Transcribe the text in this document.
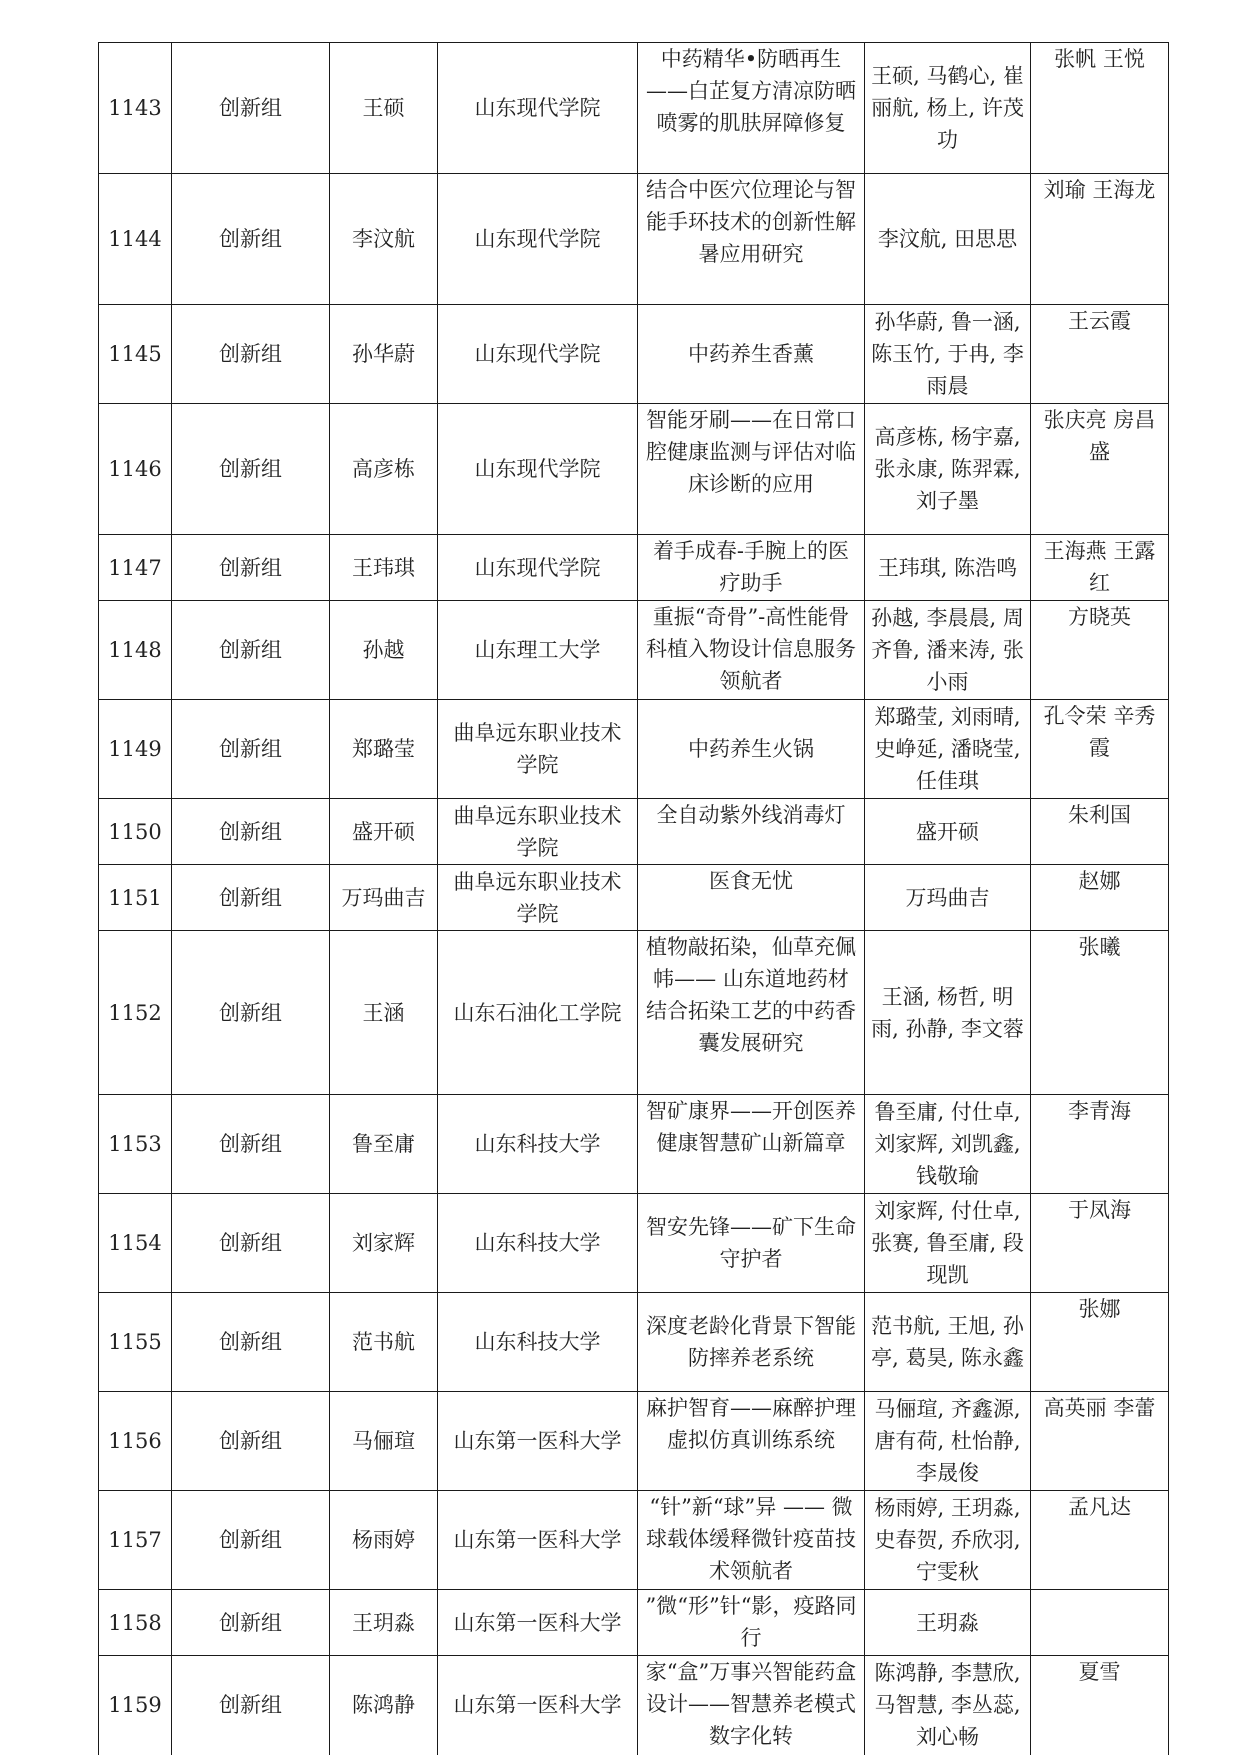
1143	创新组	王硕	山东现代学院	中药精华•防晒再生——白芷复方清凉防晒喷雾的肌肤屏障修复	王硕, 马鹤心, 崔丽航, 杨上, 许茂功	张帆 王悦
1144	创新组	李汶航	山东现代学院	结合中医穴位理论与智能手环技术的创新性解暑应用研究	李汶航, 田思思	刘瑜 王海龙
1145	创新组	孙华蔚	山东现代学院	中药养生香薰	孙华蔚, 鲁一涵, 陈玉竹, 于冉, 李雨晨	王云霞
1146	创新组	高彦栋	山东现代学院	智能牙刷——在日常口腔健康监测与评估对临床诊断的应用	高彦栋, 杨宇嘉, 张永康, 陈羿霖, 刘子墨	张庆亮 房昌盛
1147	创新组	王玮琪	山东现代学院	着手成春-手腕上的医疗助手	王玮琪, 陈浩鸣	王海燕 王露红
1148	创新组	孙越	山东理工大学	重振“奇骨”-高性能骨科植入物设计信息服务领航者	孙越, 李晨晨, 周齐鲁, 潘来涛, 张小雨	方晓英
1149	创新组	郑璐莹	曲阜远东职业技术学院	中药养生火锅	郑璐莹, 刘雨晴, 史峥延, 潘晓莹, 任佳琪	孔令荣 辛秀霞
1150	创新组	盛开硕	曲阜远东职业技术学院	全自动紫外线消毒灯	盛开硕	朱利国
1151	创新组	万玛曲吉	曲阜远东职业技术学院	医食无忧	万玛曲吉	赵娜
1152	创新组	王涵	山东石油化工学院	植物敲拓染，仙草充佩帏—— 山东道地药材结合拓染工艺的中药香囊发展研究	王涵, 杨哲, 明雨, 孙静, 李文蓉	张曦
1153	创新组	鲁至庸	山东科技大学	智矿康界——开创医养健康智慧矿山新篇章	鲁至庸, 付仕卓, 刘家辉, 刘凯鑫, 钱敬瑜	李青海
1154	创新组	刘家辉	山东科技大学	智安先锋——矿下生命守护者	刘家辉, 付仕卓, 张赛, 鲁至庸, 段现凯	于凤海
1155	创新组	范书航	山东科技大学	深度老龄化背景下智能防摔养老系统	范书航, 王旭, 孙亭, 葛昊, 陈永鑫	张娜
1156	创新组	马俪瑄	山东第一医科大学	麻护智育——麻醉护理虚拟仿真训练系统	马俪瑄, 齐鑫源, 唐有荷, 杜怡静, 李晟俊	高英丽 李蕾
1157	创新组	杨雨婷	山东第一医科大学	“针”新“球”异 —— 微球载体缓释微针疫苗技术领航者	杨雨婷, 王玥淼, 史春贺, 乔欣羽, 宁雯秋	孟凡达
1158	创新组	王玥淼	山东第一医科大学	”微“形”针“影，疫路同行	王玥淼	
1159	创新组	陈鸿静	山东第一医科大学	家“盒”万事兴智能药盒设计——智慧养老模式数字化转	陈鸿静, 李慧欣, 马智慧, 李丛蕊, 刘心畅	夏雪
